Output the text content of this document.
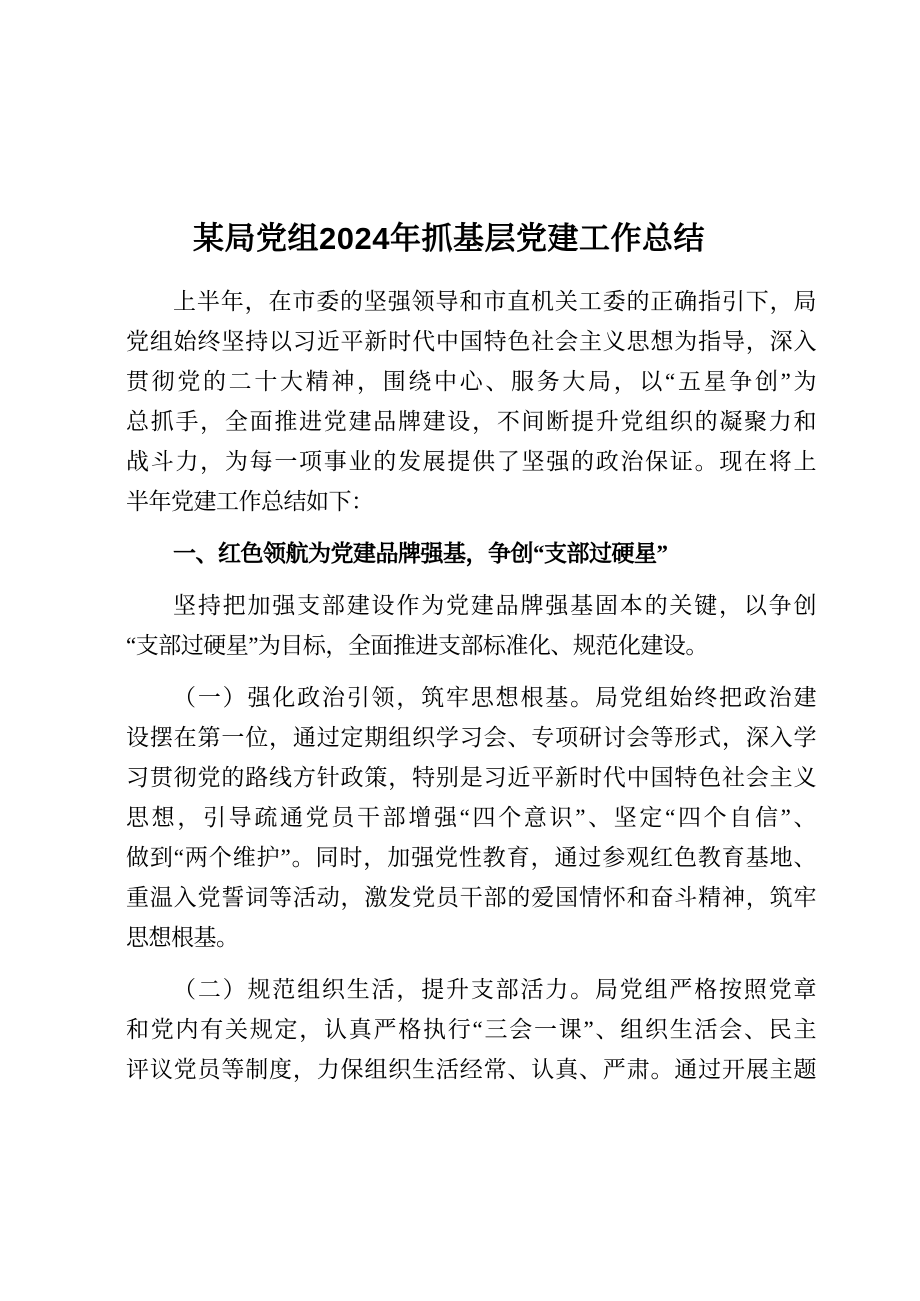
某局党组2024年抓基层党建工作总结

上半年，在市委的坚强领导和市直机关工委的正确指引下，局
党组始终坚持以习近平新时代中国特色社会主义思想为指导，深入
贯彻党的二十大精神，围绕中心、服务大局，以“五星争创”为
总抓手，全面推进党建品牌建设，不间断提升党组织的凝聚力和
战斗力，为每一项事业的发展提供了坚强的政治保证。现在将上
半年党建工作总结如下：

一、红色领航为党建品牌强基，争创“支部过硬星”

坚持把加强支部建设作为党建品牌强基固本的关键，以争创
“支部过硬星”为目标，全面推进支部标准化、规范化建设。

（一）强化政治引领，筑牢思想根基。局党组始终把政治建
设摆在第一位，通过定期组织学习会、专项研讨会等形式，深入学
习贯彻党的路线方针政策，特别是习近平新时代中国特色社会主义
思想，引导疏通党员干部增强“四个意识”、坚定“四个自信”、
做到“两个维护”。同时，加强党性教育，通过参观红色教育基地、
重温入党誓词等活动，激发党员干部的爱国情怀和奋斗精神，筑牢
思想根基。

（二）规范组织生活，提升支部活力。局党组严格按照党章
和党内有关规定，认真严格执行“三会一课”、组织生活会、民主
评议党员等制度，力保组织生活经常、认真、严肃。通过开展主题
